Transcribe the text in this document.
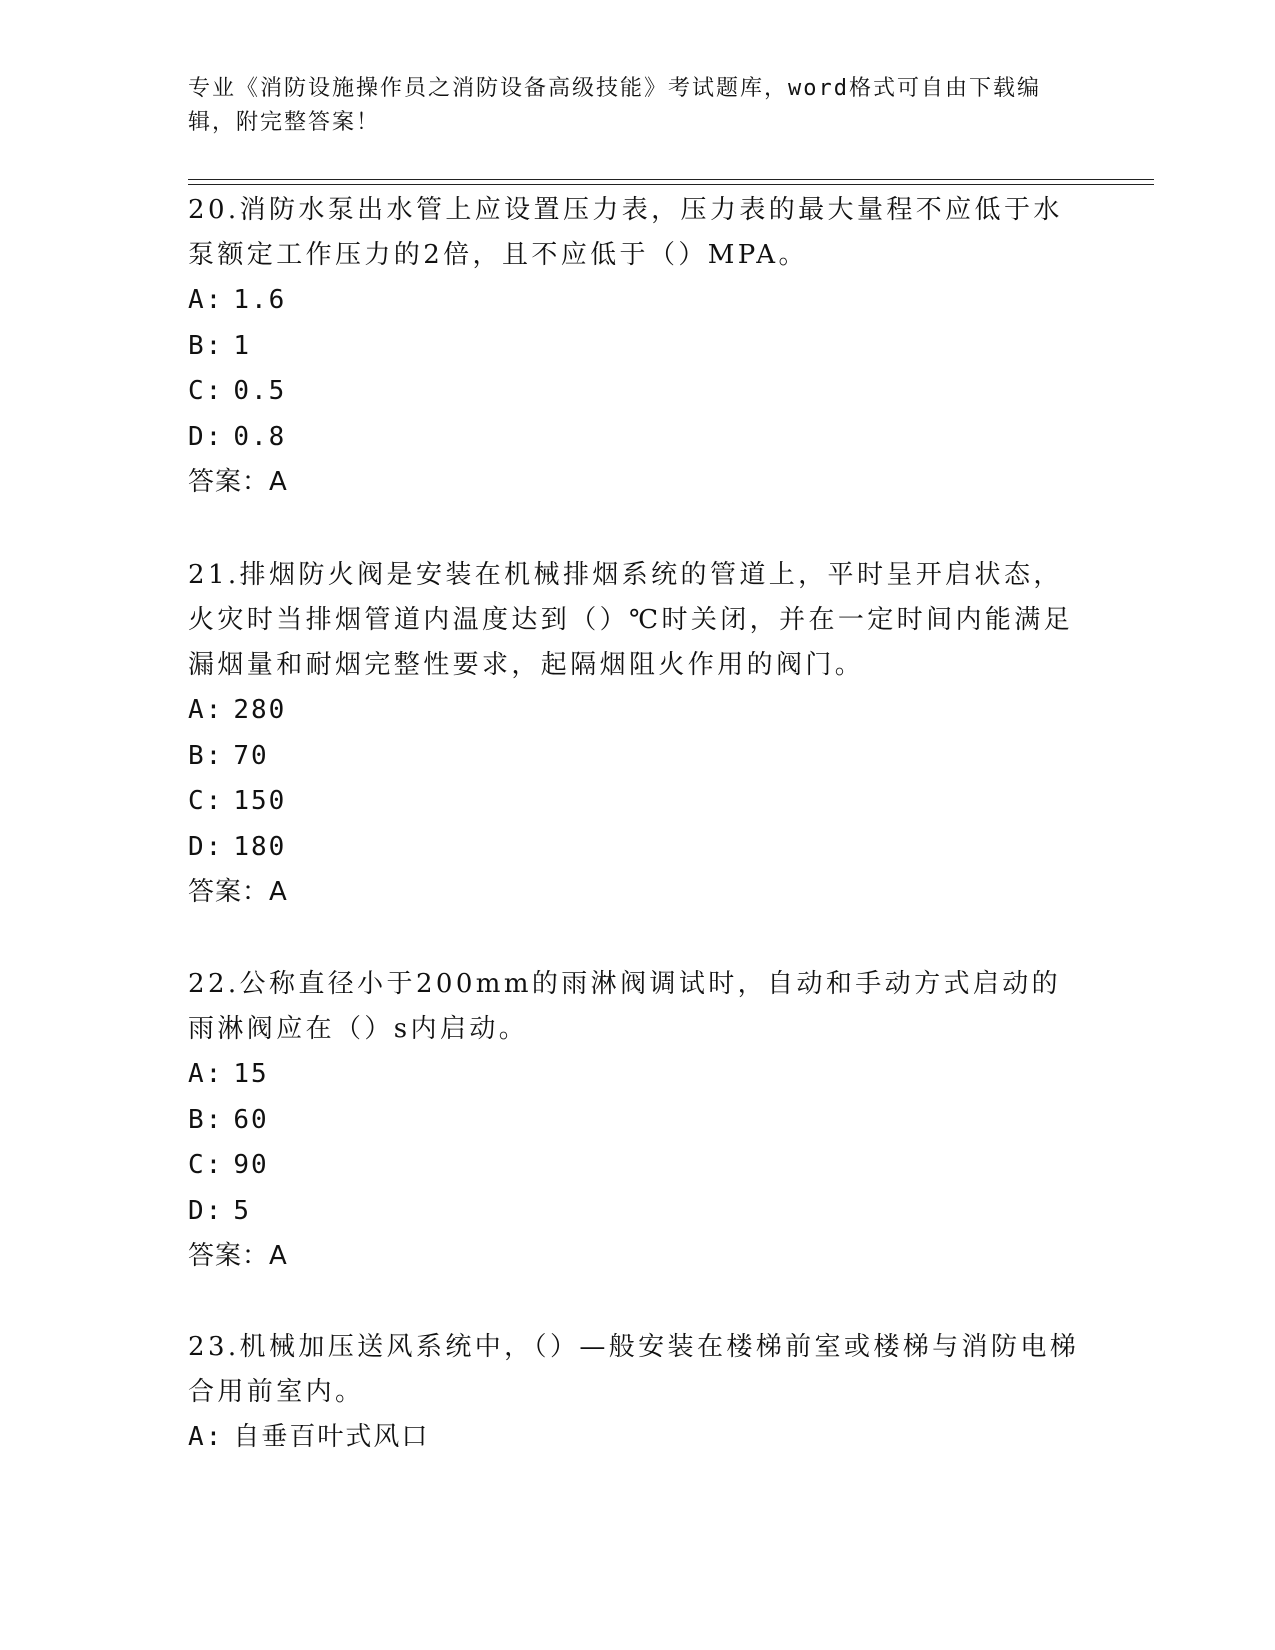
专业《消防设施操作员之消防设备高级技能》考试题库，word格式可自由下载编辑，附完整答案！
20.消防水泵出水管上应设置压力表，压力表的最大量程不应低于水泵额定工作压力的2倍，且不应低于（）MPA。
A: 1.6
B: 1
C: 0.5
D: 0.8
答案：A
21.排烟防火阀是安装在机械排烟系统的管道上，平时呈开启状态，火灾时当排烟管道内温度达到（）℃时关闭，并在一定时间内能满足漏烟量和耐烟完整性要求，起隔烟阻火作用的阀门。
A: 280
B: 70
C: 150
D: 180
答案：A
22.公称直径小于200mm的雨淋阀调试时，自动和手动方式启动的雨淋阀应在（）s内启动。
A: 15
B: 60
C: 90
D: 5
答案：A
23.机械加压送风系统中，（）—般安装在楼梯前室或楼梯与消防电梯合用前室内。
A: 自垂百叶式风口
